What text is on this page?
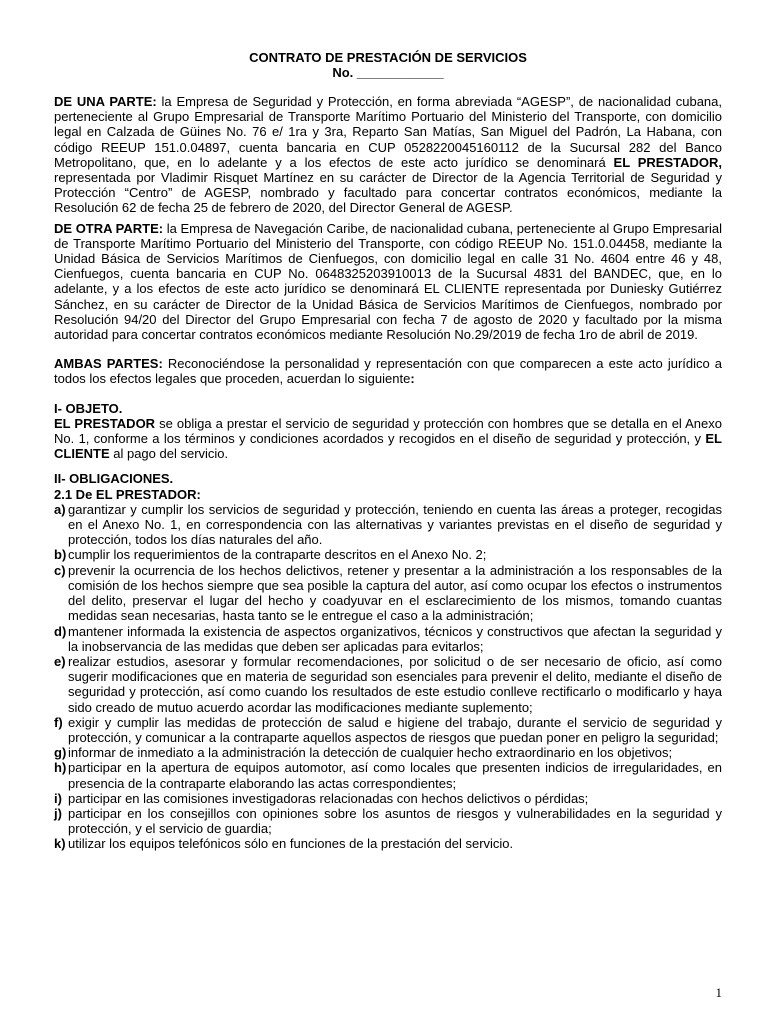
CONTRATO DE PRESTACIÓN DE SERVICIOS
No. ____________

DE UNA PARTE: la Empresa de Seguridad y Protección, en forma abreviada “AGESP”, de nacionalidad cubana, perteneciente al Grupo Empresarial de Transporte Marítimo Portuario del Ministerio del Transporte, con domicilio legal en Calzada de Güines No. 76 e/ 1ra y 3ra, Reparto San Matías, San Miguel del Padrón, La Habana, con código REEUP 151.0.04897, cuenta bancaria en CUP 0528220045160112 de la Sucursal 282 del Banco Metropolitano, que, en lo adelante y a los efectos de este acto jurídico se denominará EL PRESTADOR, representada por Vladimir Risquet Martínez en su carácter de Director de la Agencia Territorial de Seguridad y Protección “Centro” de AGESP, nombrado y facultado para concertar contratos económicos, mediante la Resolución 62 de fecha 25 de febrero de 2020, del Director General de AGESP.

DE OTRA PARTE: la Empresa de Navegación Caribe, de nacionalidad cubana, perteneciente al Grupo Empresarial de Transporte Marítimo Portuario del Ministerio del Transporte, con código REEUP No. 151.0.04458, mediante la Unidad Básica de Servicios Marítimos de Cienfuegos, con domicilio legal en calle 31 No. 4604 entre 46 y 48, Cienfuegos, cuenta bancaria en CUP No. 0648325203910013 de la Sucursal 4831 del BANDEC, que, en lo adelante, y a los efectos de este acto jurídico se denominará EL CLIENTE representada por Duniesky Gutiérrez Sánchez, en su carácter de Director de la Unidad Básica de Servicios Marítimos de Cienfuegos, nombrado por Resolución 94/20 del Director del Grupo Empresarial con fecha 7 de agosto de 2020 y facultado por la misma autoridad para concertar contratos económicos mediante Resolución No.29/2019 de fecha 1ro de abril de 2019.

AMBAS PARTES: Reconociéndose la personalidad y representación con que comparecen a este acto jurídico a todos los efectos legales que proceden, acuerdan lo siguiente:

I- OBJETO.

EL PRESTADOR se obliga a prestar el servicio de seguridad y protección con hombres que se detalla en el Anexo No. 1, conforme a los términos y condiciones acordados y recogidos en el diseño de seguridad y protección, y EL CLIENTE al pago del servicio.

II- OBLIGACIONES.
2.1 De EL PRESTADOR:
a) garantizar y cumplir los servicios de seguridad y protección, teniendo en cuenta las áreas a proteger, recogidas en el Anexo No. 1, en correspondencia con las alternativas y variantes previstas en el diseño de seguridad y protección, todos los días naturales del año.
b) cumplir los requerimientos de la contraparte descritos en el Anexo No. 2;
c) prevenir la ocurrencia de los hechos delictivos, retener y presentar a la administración a los responsables de la comisión de los hechos siempre que sea posible la captura del autor, así como ocupar los efectos o instrumentos del delito, preservar el lugar del hecho y coadyuvar en el esclarecimiento de los mismos, tomando cuantas medidas sean necesarias, hasta tanto se le entregue el caso a la administración;
d) mantener informada la existencia de aspectos organizativos, técnicos y constructivos que afectan la seguridad y la inobservancia de las medidas que deben ser aplicadas para evitarlos;
e) realizar estudios, asesorar y formular recomendaciones, por solicitud o de ser necesario de oficio, así como sugerir modificaciones que en materia de seguridad son esenciales para prevenir el delito, mediante el diseño de seguridad y protección, así como cuando los resultados de este estudio conlleve rectificarlo o modificarlo y haya sido creado de mutuo acuerdo acordar las modificaciones mediante suplemento;
f) exigir y cumplir las medidas de protección de salud e higiene del trabajo, durante el servicio de seguridad y protección, y comunicar a la contraparte aquellos aspectos de riesgos que puedan poner en peligro la seguridad;
g) informar de inmediato a la administración la detección de cualquier hecho extraordinario en los objetivos;
h) participar en la apertura de equipos automotor, así como locales que presenten indicios de irregularidades, en presencia de la contraparte elaborando las actas correspondientes;
i) participar en las comisiones investigadoras relacionadas con hechos delictivos o pérdidas;
j) participar en los consejillos con opiniones sobre los asuntos de riesgos y vulnerabilidades en la seguridad y protección, y el servicio de guardia;
k) utilizar los equipos telefónicos sólo en funciones de la prestación del servicio.
1
